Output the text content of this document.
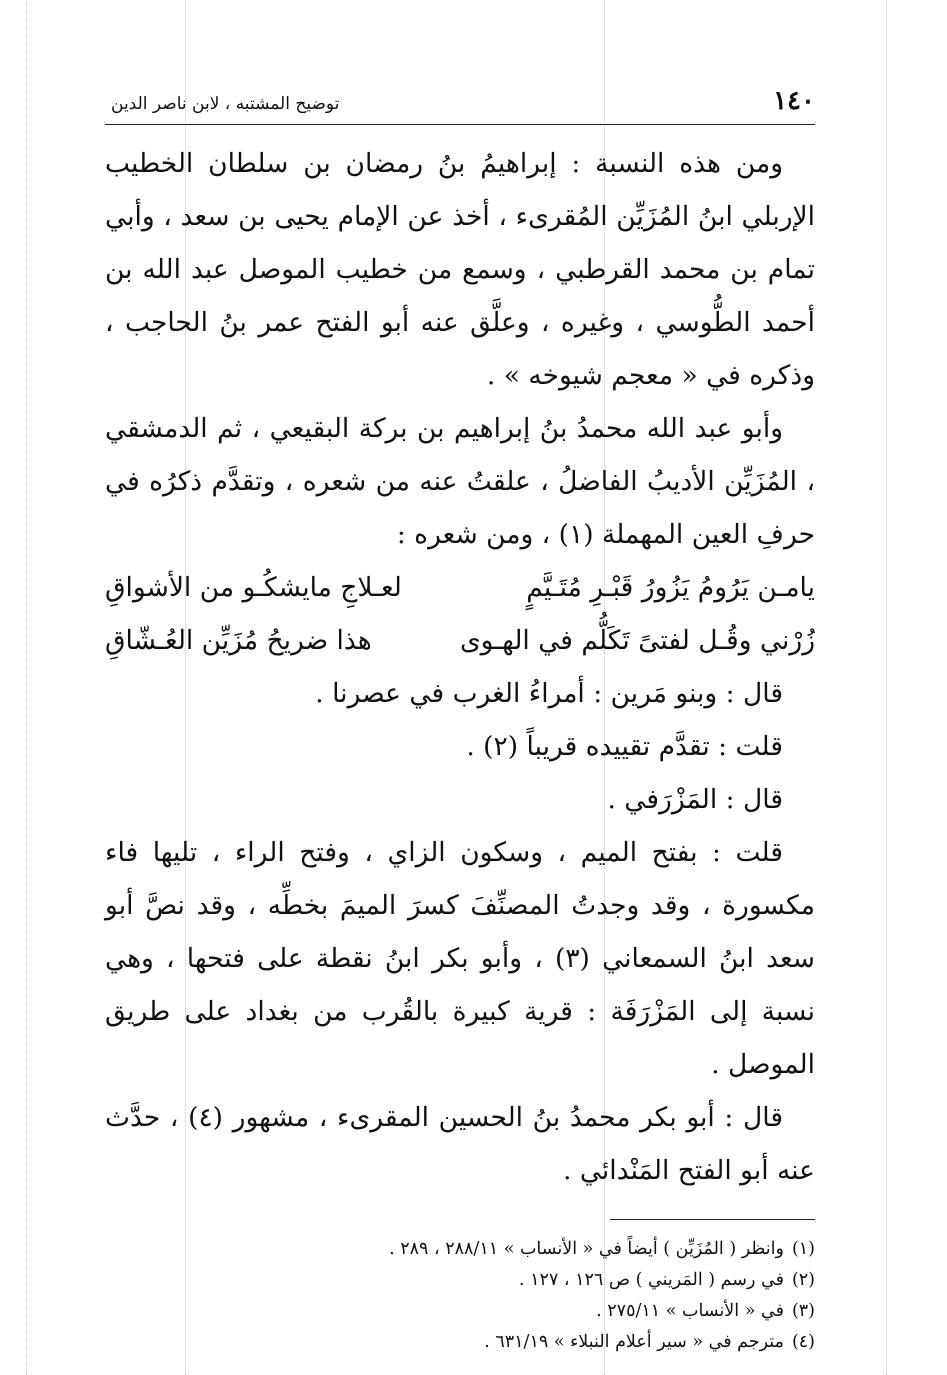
١٤٠
توضيح المشتبه ، لابن ناصر الدين

ومن هذه النسبة : إبراهيمُ بنُ رمضان بن سلطان الخطيب الإربلي ابنُ المُزَيِّن المُقرىء ، أخذ عن الإمام يحيى بن سعد ، وأبي تمام بن محمد القرطبي ، وسمع من خطيب الموصل عبد الله بن أحمد الطُّوسي ، وغيره ، وعلَّق عنه أبو الفتح عمر بنُ الحاجب ، وذكره في « معجم شيوخه » .

وأبو عبد الله محمدُ بنُ إبراهيم بن بركة البقيعي ، ثم الدمشقي ، المُزَيِّن الأديبُ الفاضلُ ، علقتُ عنه من شعره ، وتقدَّم ذكرُه في حرفِ العين المهملة (١) ، ومن شعره :

يامـن يَرُومُ يَزُورُ قَبْـرِ مُتَـيَّمٍ
لعـلاجِ مايشكُـو من الأشواقِ
زُرْني وقُـل لفتىً تَكَلُّم في الهـوى
هذا ضريحُ مُزَيِّن العُـشّاقِ

قال : وبنو مَرين : أمراءُ الغرب في عصرنا .

قلت : تقدَّم تقييده قريباً (٢) .

قال : المَزْرَفي .

قلت : بفتح الميم ، وسكون الزاي ، وفتح الراء ، تليها فاء مكسورة ، وقد وجدتُ المصنِّفَ كسرَ الميمَ بخطِّه ، وقد نصَّ أبو سعد ابنُ السمعاني (٣) ، وأبو بكر ابنُ نقطة على فتحها ، وهي نسبة إلى المَزْرَفَة : قرية كبيرة بالقُرب من بغداد على طريق الموصل .

قال : أبو بكر محمدُ بنُ الحسين المقرىء ، مشهور (٤) ، حدَّث عنه أبو الفتح المَنْدائي .

(١)وانظر ( المُزَيِّن ) أيضاً في « الأنساب » ٢٨٨/١١ ، ٢٨٩ .
(٢)في رسم ( المَريني ) ص ١٢٦ ، ١٢٧ .
(٣)في « الأنساب » ٢٧٥/١١ .
(٤)مترجم في « سير أعلام النبلاء » ٦٣١/١٩ .
